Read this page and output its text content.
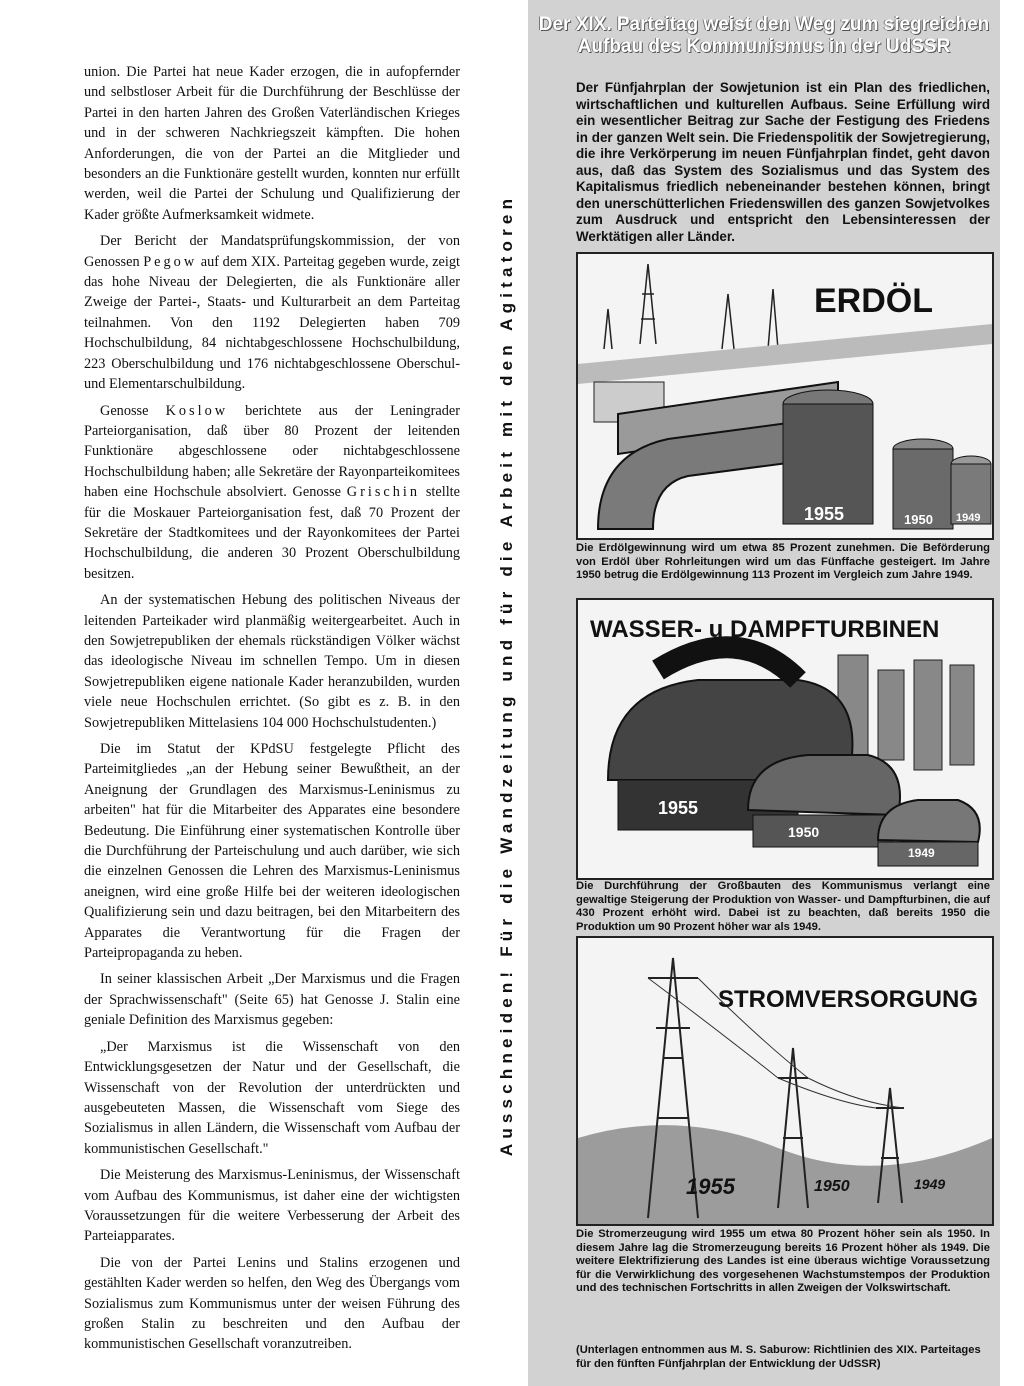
union. Die Partei hat neue Kader erzogen, die in aufopfernder und selbstloser Arbeit für die Durchführung der Beschlüsse der Partei in den harten Jahren des Großen Vaterländischen Krieges und in der schweren Nachkriegszeit kämpften. Die hohen Anforderungen, die von der Partei an die Mitglieder und besonders an die Funktionäre gestellt wurden, konnten nur erfüllt werden, weil die Partei der Schulung und Qualifizierung der Kader größte Aufmerksamkeit widmete.

Der Bericht der Mandatsprüfungskommission, der von Genossen Pegow auf dem XIX. Parteitag gegeben wurde, zeigt das hohe Niveau der Delegierten, die als Funktionäre aller Zweige der Partei-, Staats- und Kulturarbeit an dem Parteitag teilnahmen. Von den 1192 Delegierten haben 709 Hochschulbildung, 84 nichtabgeschlossene Hochschulbildung, 223 Oberschulbildung und 176 nichtabgeschlossene Oberschul- und Elementarschulbildung.

Genosse Koslow berichtete aus der Leningrader Parteiorganisation, daß über 80 Prozent der leitenden Funktionäre abgeschlossene oder nichtabgeschlossene Hochschulbildung haben; alle Sekretäre der Rayonparteikomitees haben eine Hochschule absolviert. Genosse Grischin stellte für die Moskauer Parteiorganisation fest, daß 70 Prozent der Sekretäre der Stadtkomitees und der Rayonkomitees der Partei Hochschulbildung, die anderen 30 Prozent Oberschulbildung besitzen.

An der systematischen Hebung des politischen Niveaus der leitenden Parteikader wird planmäßig weitergearbeitet. Auch in den Sowjetrepubliken der ehemals rückständigen Völker wächst das ideologische Niveau im schnellen Tempo. Um in diesen Sowjetrepubliken eigene nationale Kader heranzubilden, wurden viele neue Hochschulen errichtet. (So gibt es z. B. in den Sowjetrepubliken Mittelasiens 104 000 Hochschulstudenten.)

Die im Statut der KPdSU festgelegte Pflicht des Parteimitgliedes „an der Hebung seiner Bewußtheit, an der Aneignung der Grundlagen des Marxismus-Leninismus zu arbeiten" hat für die Mitarbeiter des Apparates eine besondere Bedeutung. Die Einführung einer systematischen Kontrolle über die Durchführung der Parteischulung und auch darüber, wie sich die einzelnen Genossen die Lehren des Marxismus-Leninismus aneignen, wird eine große Hilfe bei der weiteren ideologischen Qualifizierung sein und dazu beitragen, bei den Mitarbeitern des Apparates die Verantwortung für die Fragen der Parteipropaganda zu heben.

In seiner klassischen Arbeit „Der Marxismus und die Fragen der Sprachwissenschaft" (Seite 65) hat Genosse J. Stalin eine geniale Definition des Marxismus gegeben:

„Der Marxismus ist die Wissenschaft von den Entwicklungsgesetzen der Natur und der Gesellschaft, die Wissenschaft von der Revolution der unterdrückten und ausgebeuteten Massen, die Wissenschaft vom Siege des Sozialismus in allen Ländern, die Wissenschaft vom Aufbau der kommunistischen Gesellschaft."

Die Meisterung des Marxismus-Leninismus, der Wissenschaft vom Aufbau des Kommunismus, ist daher eine der wichtigsten Voraussetzungen für die weitere Verbesserung der Arbeit des Parteiapparates.

Die von der Partei Lenins und Stalins erzogenen und gestählten Kader werden so helfen, den Weg des Übergangs vom Sozialismus zum Kommunismus unter der weisen Führung des großen Stalin zu beschreiten und den Aufbau der kommunistischen Gesellschaft voranzutreiben.

Ausschneiden! Für die Wandzeitung und für die Arbeit mit den Agitatoren
Der XIX. Parteitag weist den Weg zum siegreichen
Aufbau des Kommunismus in der UdSSR
Der Fünfjahrplan der Sowjetunion ist ein Plan des friedlichen, wirtschaftlichen und kulturellen Aufbaus. Seine Erfüllung wird ein wesentlicher Beitrag zur Sache der Festigung des Friedens in der ganzen Welt sein. Die Friedenspolitik der Sowjetregierung, die ihre Verkörperung im neuen Fünfjahrplan findet, geht davon aus, daß das System des Sozialismus und das System des Kapitalismus friedlich nebeneinander bestehen können, bringt den unerschütterlichen Friedenswillen des ganzen Sowjetvolkes zum Ausdruck und entspricht den Lebensinteressen der Werktätigen aller Länder.
ERDÖL
1955	1950 1949
Die Erdölgewinnung wird um etwa 85 Prozent zunehmen. Die Beförderung von Erdöl über Rohrleitungen wird um das Fünffache gesteigert. Im Jahre 1950 betrug die Erdölgewinnung 113 Prozent im Vergleich zum Jahre 1949.
WASSER- u DAMPFTURBINEN
1955
1950
1949
Die Durchführung der Großbauten des Kommunismus verlangt eine gewaltige Steigerung der Produktion von Wasser- und Dampfturbinen, die auf 430 Prozent erhöht wird. Dabei ist zu beachten, daß bereits 1950 die Produktion um 90 Prozent höher war als 1949.
STROMVERSORGUNG
1955	1950	1949
Die Stromerzeugung wird 1955 um etwa 80 Prozent höher sein als 1950. In diesem Jahre lag die Stromerzeugung bereits 16 Prozent höher als 1949. Die weitere Elektrifizierung des Landes ist eine überaus wichtige Voraussetzung für die Verwirklichung des vorgesehenen Wachstumstempos der Produktion und des technischen Fortschritts in allen Zweigen der Volkswirtschaft.
(Unterlagen entnommen aus M. S. Saburow: Richtlinien des XIX. Parteitages für den fünften Fünfjahrplan der Entwicklung der UdSSR)
